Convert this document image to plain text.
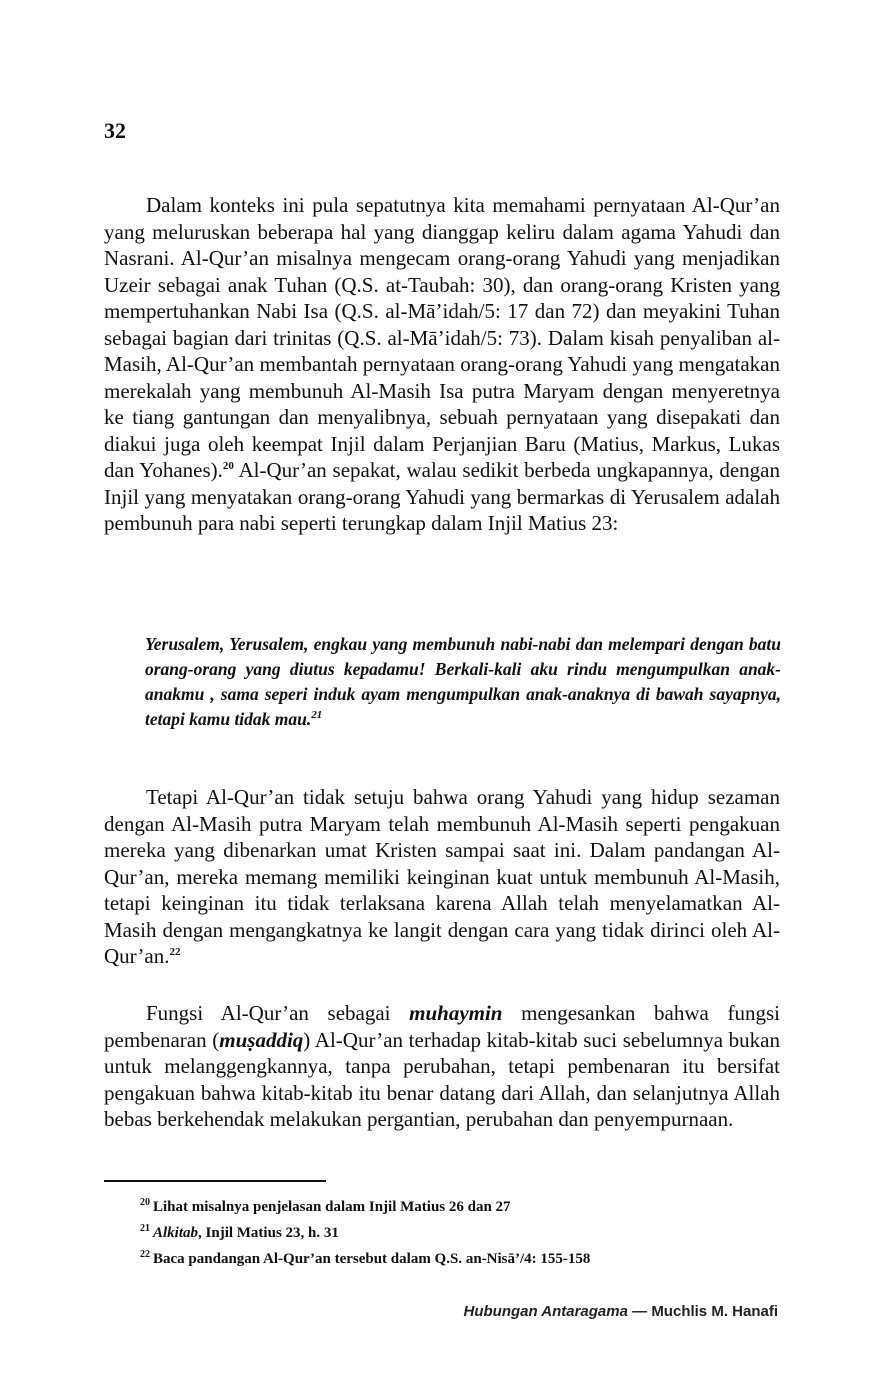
32

Dalam konteks ini pula sepatutnya kita memahami pernyataan Al-Qur’an yang meluruskan beberapa hal yang dianggap keliru dalam agama Yahudi dan Nasrani. Al-Qur’an misalnya mengecam orang-orang Yahudi yang menjadikan Uzeir sebagai anak Tuhan (Q.S. at-Taubah: 30), dan orang-orang Kristen yang mempertuhankan Nabi Isa (Q.S. al-Mā’idah/5: 17 dan 72) dan meyakini Tuhan sebagai bagian dari trinitas (Q.S. al-Mā’idah/5: 73). Dalam kisah penyaliban al-Masih, Al-Qur’an membantah pernyataan orang-orang Yahudi yang mengatakan merekalah yang membunuh Al-Masih Isa putra Maryam dengan menyeretnya ke tiang gantungan dan menyalibnya, sebuah pernyataan yang disepakati dan diakui juga oleh keempat Injil dalam Perjanjian Baru (Matius, Markus, Lukas dan Yohanes).$^{20}$ Al-Qur’an sepakat, walau sedikit berbeda ungkapannya, dengan Injil yang menyatakan orang-orang Yahudi yang bermarkas di Yerusalem adalah pembunuh para nabi seperti terungkap dalam Injil Matius 23:

Yerusalem, Yerusalem, engkau yang membunuh nabi-nabi dan melempari dengan batu orang-orang yang diutus kepadamu! Berkali-kali aku rindu mengumpulkan anak-anakmu , sama seperi induk ayam mengumpulkan anak-anaknya di bawah sayapnya, tetapi kamu tidak mau.$^{21}$

Tetapi Al-Qur’an tidak setuju bahwa orang Yahudi yang hidup sezaman dengan Al-Masih putra Maryam telah membunuh Al-Masih seperti pengakuan mereka yang dibenarkan umat Kristen sampai saat ini. Dalam pandangan Al-Qur’an, mereka memang memiliki keinginan kuat untuk membunuh Al-Masih, tetapi keinginan itu tidak terlaksana karena Allah telah menyelamatkan Al-Masih dengan mengangkatnya ke langit dengan cara yang tidak dirinci oleh Al-Qur’an.$^{22}$

Fungsi Al-Qur’an sebagai muhaymin mengesankan bahwa fungsi pembenaran (muṣaddiq) Al-Qur’an terhadap kitab-kitab suci sebelumnya bukan untuk melanggengkannya, tanpa perubahan, tetapi pembenaran itu bersifat pengakuan bahwa kitab-kitab itu benar datang dari Allah, dan selanjutnya Allah bebas berkehendak melakukan pergantian, perubahan dan penyempurnaan.

$^{20}$ Lihat misalnya penjelasan dalam Injil Matius 26 dan 27
$^{21}$ Alkitab, Injil Matius 23, h. 31
$^{22}$ Baca pandangan Al-Qur’an tersebut dalam Q.S. an-Nisā’/4: 155-158
Hubungan Antaragama — Muchlis M. Hanafi
